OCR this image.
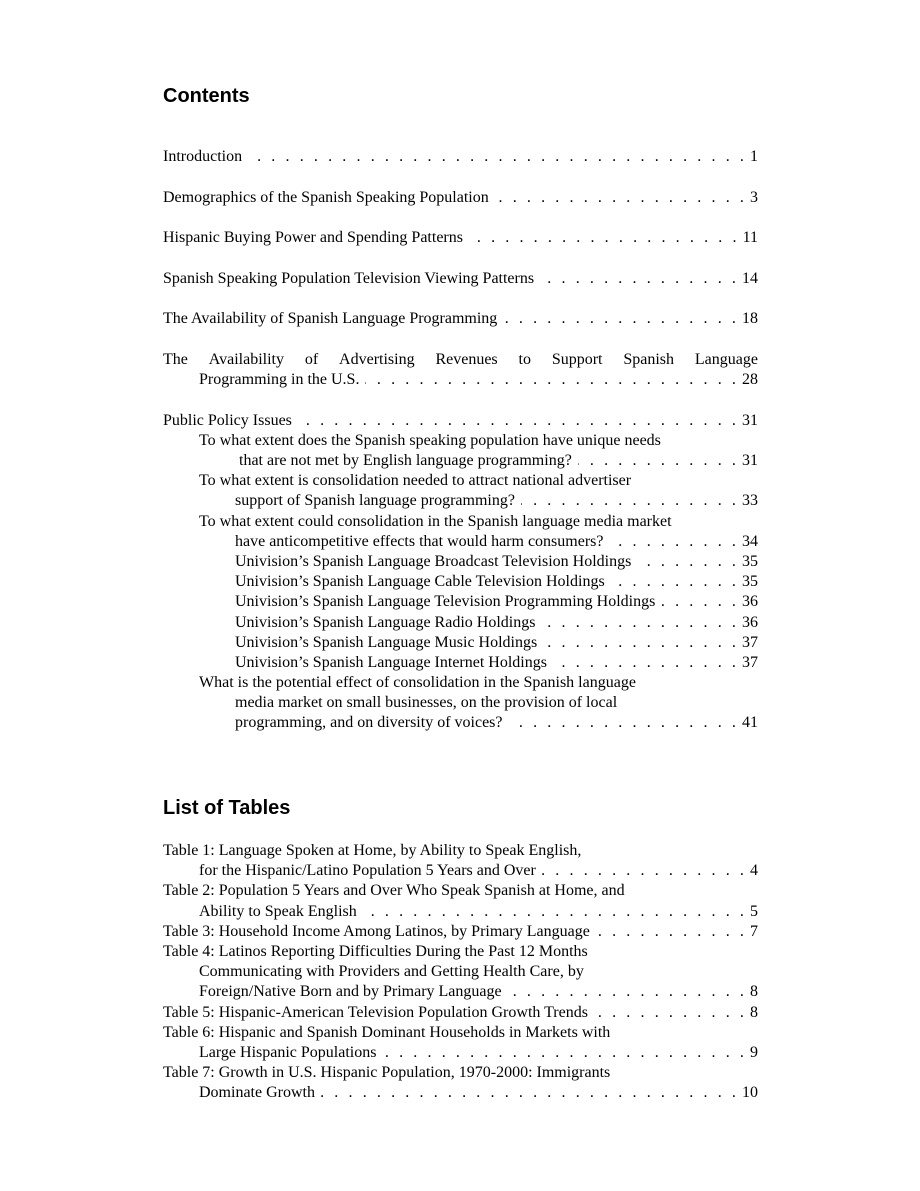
Contents
Introduction . . .	1
Demographics of the Spanish Speaking Population . . .	3
Hispanic Buying Power and Spending Patterns . . .	11
Spanish Speaking Population Television Viewing Patterns . . .	14
The Availability of Spanish Language Programming . . .	18
The Availability of Advertising Revenues to Support Spanish Language
Programming in the U.S. . . .	28
Public Policy Issues . . .	31
To what extent does the Spanish speaking population have unique needs
that are not met by English language programming? . . .	31
To what extent is consolidation needed to attract national advertiser
support of Spanish language programming? . . .	33
To what extent could consolidation in the Spanish language media market
have anticompetitive effects that would harm consumers? . . .	34
Univision’s Spanish Language Broadcast Television Holdings . . .	35
Univision’s Spanish Language Cable Television Holdings . . .	35
Univision’s Spanish Language Television Programming Holdings . . .	36
Univision’s Spanish Language Radio Holdings . . .	36
Univision’s Spanish Language Music Holdings . . .	37
Univision’s Spanish Language Internet Holdings . . .	37
What is the potential effect of consolidation in the Spanish language
media market on small businesses, on the provision of local
programming, and on diversity of voices? . . .	41
List of Tables
Table 1: Language Spoken at Home, by Ability to Speak English,
for the Hispanic/Latino Population 5 Years and Over . . .	4
Table 2: Population 5 Years and Over Who Speak Spanish at Home, and
Ability to Speak English . . .	5
Table 3: Household Income Among Latinos, by Primary Language . . .	7
Table 4: Latinos Reporting Difficulties During the Past 12 Months
Communicating with Providers and Getting Health Care, by
Foreign/Native Born and by Primary Language . . .	8
Table 5: Hispanic-American Television Population Growth Trends . . .	8
Table 6: Hispanic and Spanish Dominant Households in Markets with
Large Hispanic Populations . . .	9
Table 7: Growth in U.S. Hispanic Population, 1970-2000: Immigrants
Dominate Growth . . .	10
